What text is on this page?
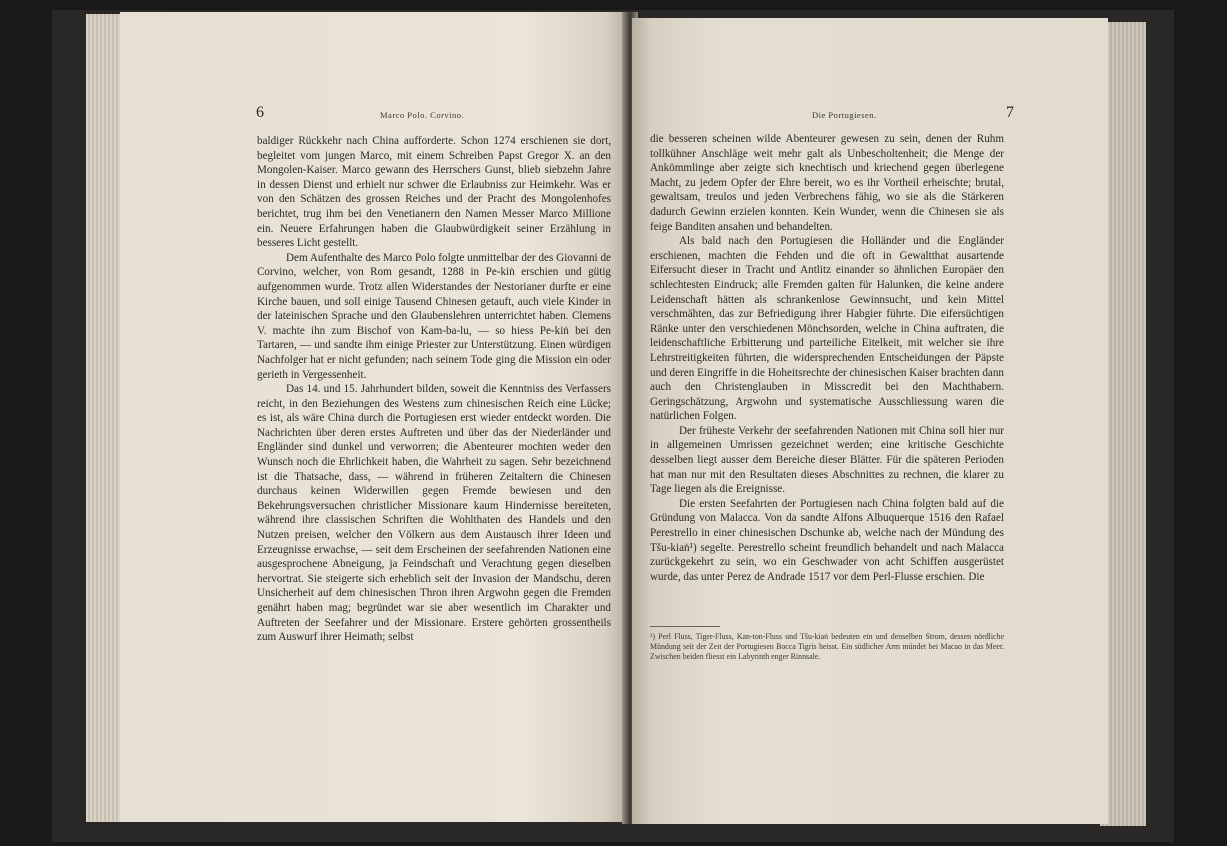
6	Marco Polo. Corvino.

baldiger Rückkehr nach China aufforderte. Schon 1274 erschienen sie dort, begleitet vom jungen Marco, mit einem Schreiben Papst Gregor X. an den Mongolen-Kaiser. Marco gewann des Herrschers Gunst, blieb siebzehn Jahre in dessen Dienst und erhielt nur schwer die Erlaubniss zur Heimkehr. Was er von den Schätzen des grossen Reiches und der Pracht des Mongolenhofes berichtet, trug ihm bei den Venetianern den Namen Messer Marco Millione ein. Neuere Erfahrungen haben die Glaubwürdigkeit seiner Erzählung in besseres Licht gestellt.

Dem Aufenthalte des Marco Polo folgte unmittelbar der des Giovanni de Corvino, welcher, von Rom gesandt, 1288 in Pe-kiṅ erschien und gütig aufgenommen wurde. Trotz allen Widerstandes der Nestorianer durfte er eine Kirche bauen, und soll einige Tausend Chinesen getauft, auch viele Kinder in der lateinischen Sprache und den Glaubenslehren unterrichtet haben. Clemens V. machte ihn zum Bischof von Kam-ba-lu, — so hiess Pe-kiṅ bei den Tartaren, — und sandte ihm einige Priester zur Unterstützung. Einen würdigen Nachfolger hat er nicht gefunden; nach seinem Tode ging die Mission ein oder gerieth in Vergessenheit.

Das 14. und 15. Jahrhundert bilden, soweit die Kenntniss des Verfassers reicht, in den Beziehungen des Westens zum chinesischen Reich eine Lücke; es ist, als wäre China durch die Portugiesen erst wieder entdeckt worden. Die Nachrichten über deren erstes Auftreten und über das der Niederländer und Engländer sind dunkel und verworren; die Abenteurer mochten weder den Wunsch noch die Ehrlichkeit haben, die Wahrheit zu sagen. Sehr bezeichnend ist die Thatsache, dass, — während in früheren Zeitaltern die Chinesen durchaus keinen Widerwillen gegen Fremde bewiesen und den Bekehrungsversuchen christlicher Missionare kaum Hindernisse bereiteten, während ihre classischen Schriften die Wohlthaten des Handels und den Nutzen preisen, welcher den Völkern aus dem Austausch ihrer Ideen und Erzeugnisse erwachse, — seit dem Erscheinen der seefahrenden Nationen eine ausgesprochene Abneigung, ja Feindschaft und Verachtung gegen dieselben hervortrat. Sie steigerte sich erheblich seit der Invasion der Mandschu, deren Unsicherheit auf dem chinesischen Thron ihren Argwohn gegen die Fremden genährt haben mag; begründet war sie aber wesentlich im Charakter und Auftreten der Seefahrer und der Missionare. Erstere gehörten grossentheils zum Auswurf ihrer Heimath; selbst

Die Portugiesen.	7

die besseren scheinen wilde Abenteurer gewesen zu sein, denen der Ruhm tollkühner Anschläge weit mehr galt als Unbescholtenheit; die Menge der Ankömmlinge aber zeigte sich knechtisch und kriechend gegen überlegene Macht, zu jedem Opfer der Ehre bereit, wo es ihr Vortheil erheischte; brutal, gewaltsam, treulos und jeden Verbrechens fähig, wo sie als die Stärkeren dadurch Gewinn erzielen konnten. Kein Wunder, wenn die Chinesen sie als feige Banditen ansahen und behandelten.

Als bald nach den Portugiesen die Holländer und die Engländer erschienen, machten die Fehden und die oft in Gewaltthat ausartende Eifersucht dieser in Tracht und Antlitz einander so ähnlichen Europäer den schlechtesten Eindruck; alle Fremden galten für Halunken, die keine andere Leidenschaft hätten als schrankenlose Gewinnsucht, und kein Mittel verschmähten, das zur Befriedigung ihrer Habgier führte. Die eifersüchtigen Ränke unter den verschiedenen Mönchsorden, welche in China auftraten, die leidenschaftliche Erbitterung und parteiliche Eitelkeit, mit welcher sie ihre Lehrstreitigkeiten führten, die widersprechenden Entscheidungen der Päpste und deren Eingriffe in die Hoheitsrechte der chinesischen Kaiser brachten dann auch den Christenglauben in Misscredit bei den Machthabern. Geringschätzung, Argwohn und systematische Ausschliessung waren die natürlichen Folgen.

Der früheste Verkehr der seefahrenden Nationen mit China soll hier nur in allgemeinen Umrissen gezeichnet werden; eine kritische Geschichte desselben liegt ausser dem Bereiche dieser Blätter. Für die späteren Perioden hat man nur mit den Resultaten dieses Abschnittes zu rechnen, die klarer zu Tage liegen als die Ereignisse.

Die ersten Seefahrten der Portugiesen nach China folgten bald auf die Gründung von Malacca. Von da sandte Alfons Albuquerque 1516 den Rafael Perestrello in einer chinesischen Dschunke ab, welche nach der Mündung des Tšu-kiaṅ¹) segelte. Perestrello scheint freundlich behandelt und nach Malacca zurückgekehrt zu sein, wo ein Geschwader von acht Schiffen ausgerüstet wurde, das unter Perez de Andrade 1517 vor dem Perl-Flusse erschien. Die

¹) Perl Fluss, Tiger-Fluss, Kan-ton-Fluss und Tšu-kiaṅ bedeuten ein und denselben Strom, dessen nördliche Mündung seit der Zeit der Portugiesen Bocca Tigris heisst. Ein südlicher Arm mündet bei Macao in das Meer. Zwischen beiden fliesst ein Labyrinth enger Rinnsale.
